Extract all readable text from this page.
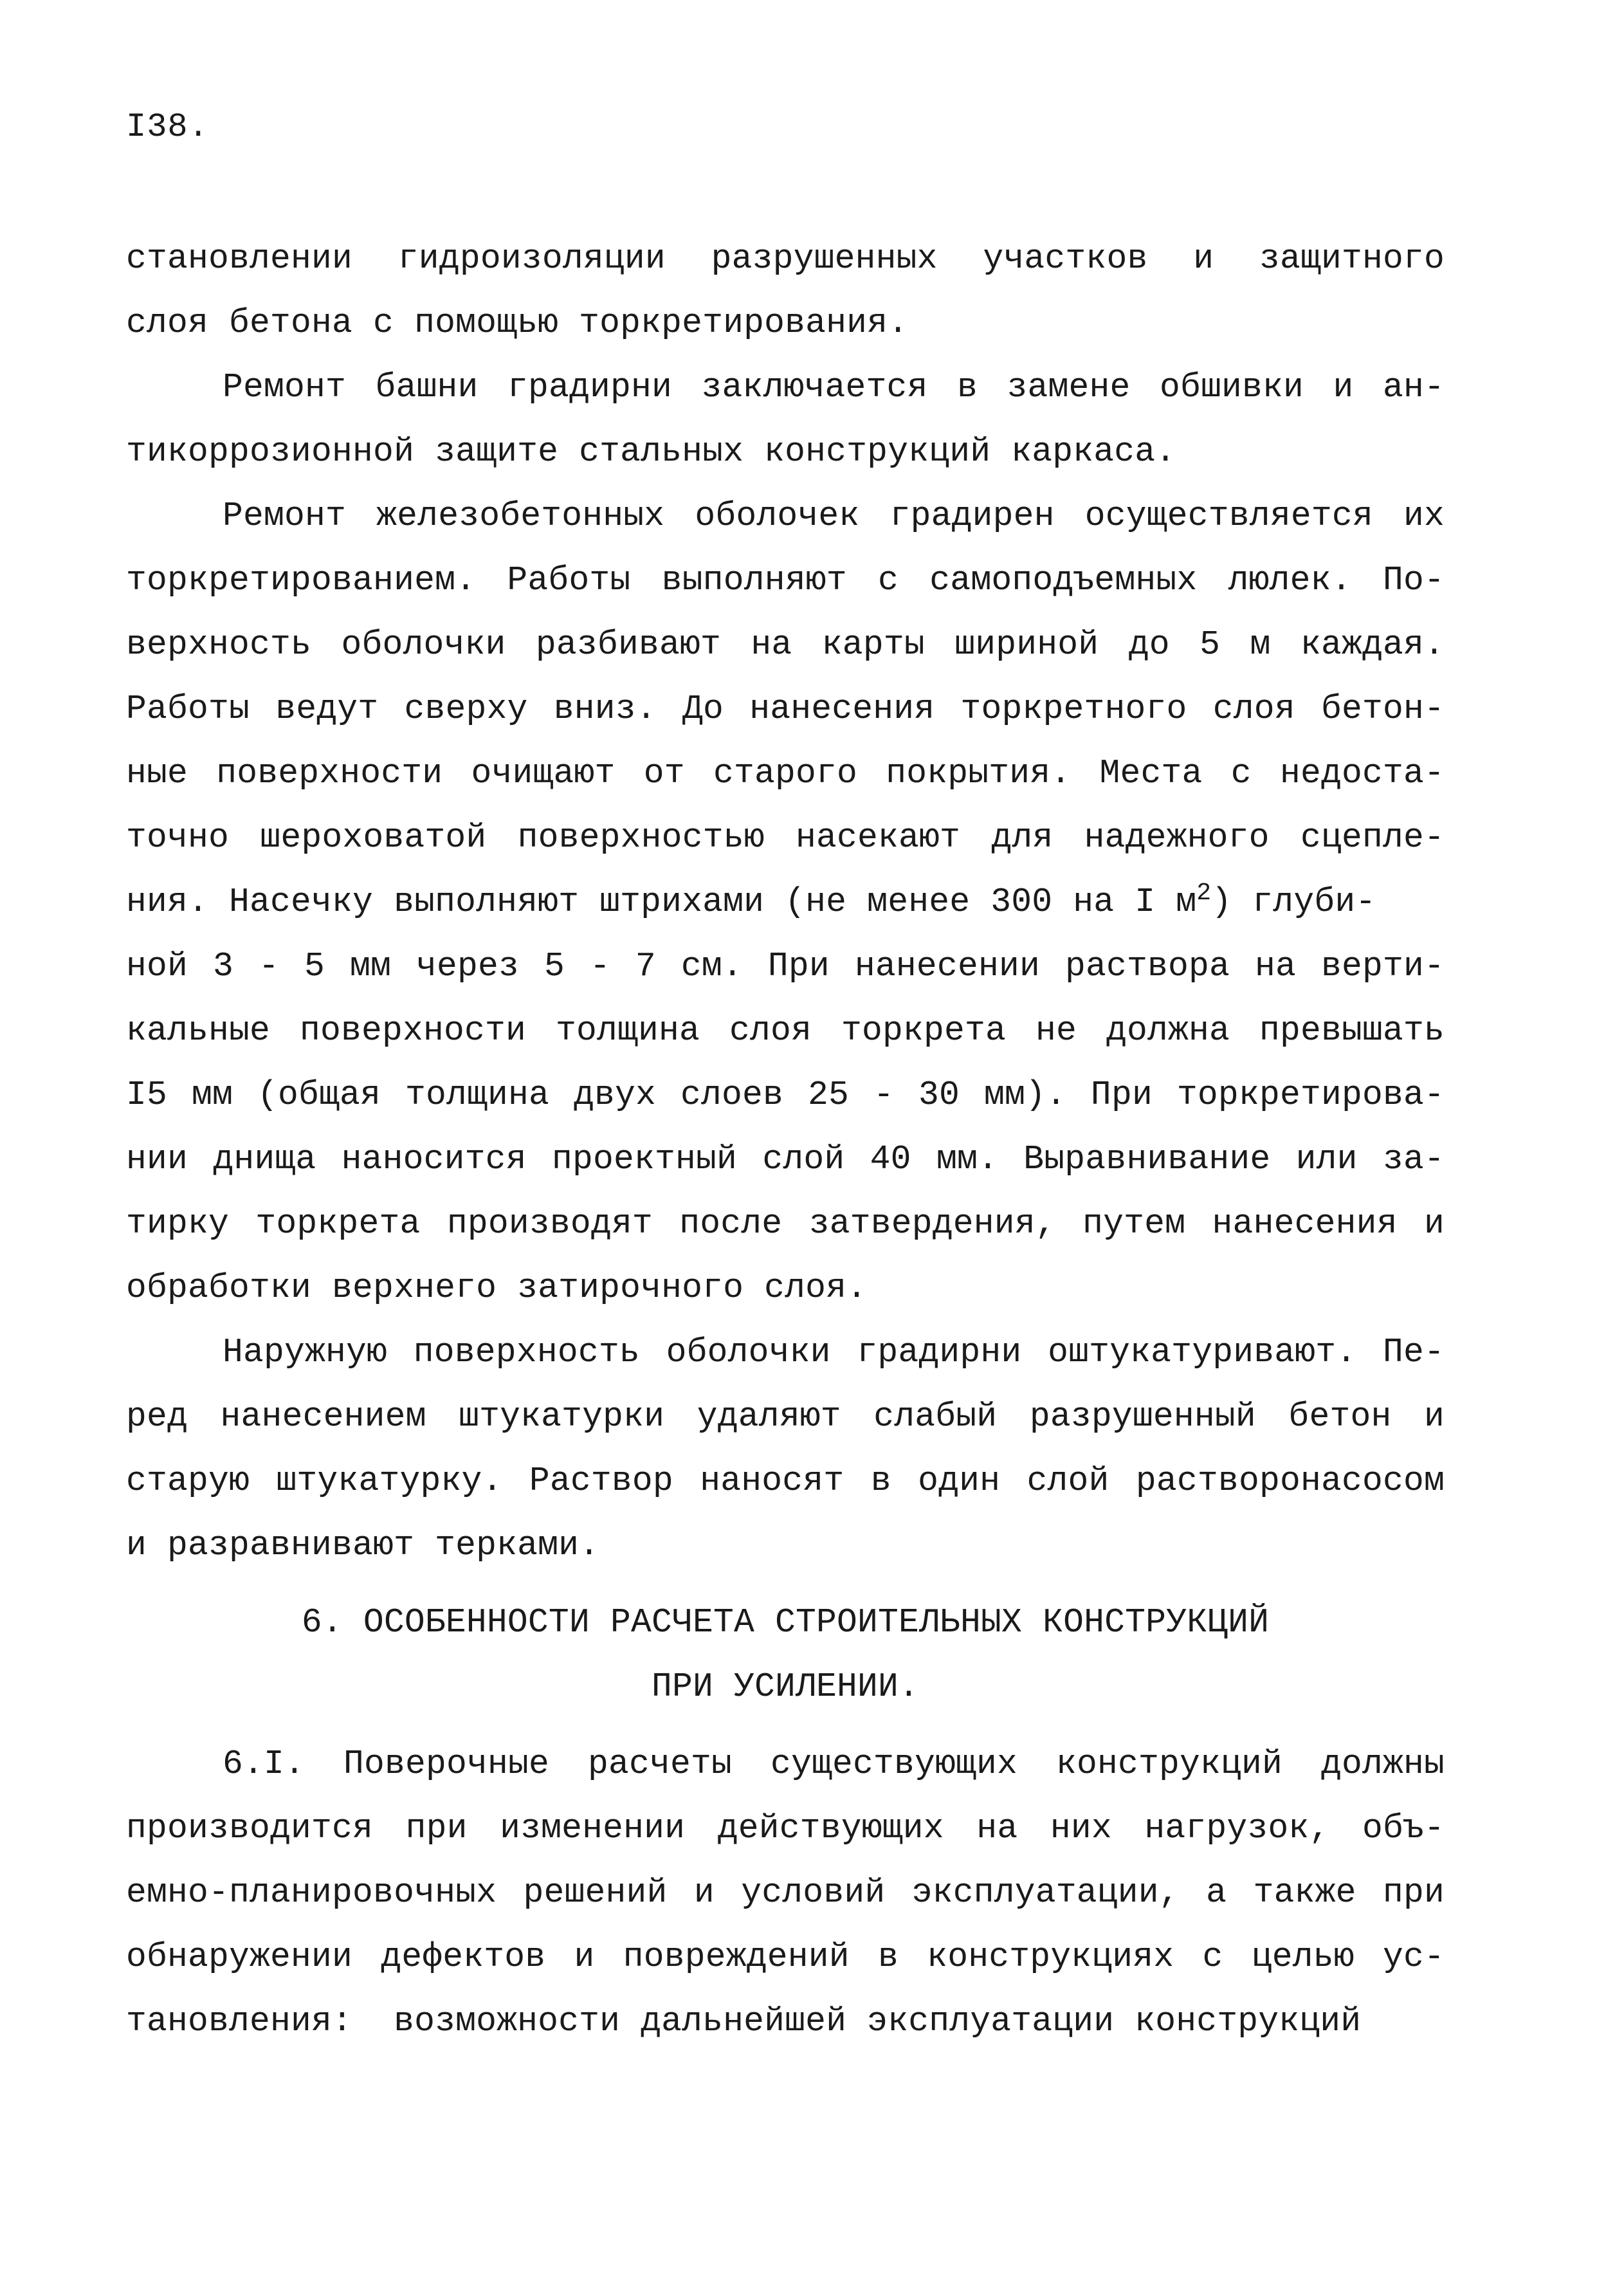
I38.
становлении гидроизоляции разрушенных участков и защитного
слоя бетона с помощью торкретирования.
Ремонт башни градирни заключается в замене обшивки и ан-
тикоррозионной защите стальных конструкций каркаса.
Ремонт железобетонных оболочек градирен осуществляется их
торкретированием. Работы выполняют с самоподъемных люлек. По-
верхность оболочки разбивают на карты шириной до 5 м каждая.
Работы ведут сверху вниз. До нанесения торкретного слоя бетон-
ные поверхности очищают от старого покрытия. Места с недоста-
точно шероховатой поверхностью насекают для надежного сцепле-
ния. Насечку выполняют штрихами (не менее 300 на I $м^2$) глуби-
ной 3 - 5 мм через 5 - 7 см. При нанесении раствора на верти-
кальные поверхности толщина слоя торкрета не должна превышать
I5 мм (общая толщина двух слоев 25 - 30 мм). При торкретирова-
нии днища наносится проектный слой 40 мм. Выравнивание или за-
тирку торкрета производят после затвердения, путем нанесения и
обработки верхнего затирочного слоя.
Наружную поверхность оболочки градирни оштукатуривают. Пе-
ред нанесением штукатурки удаляют слабый разрушенный бетон и
старую штукатурку. Раствор наносят в один слой растворонасосом
и разравнивают терками.
6. ОСОБЕННОСТИ РАСЧЕТА СТРОИТЕЛЬНЫХ КОНСТРУКЦИЙ
ПРИ УСИЛЕНИИ.
6.I. Поверочные расчеты существующих конструкций должны
производится при изменении действующих на них нагрузок, объ-
емно-планировочных решений и условий эксплуатации, а также при
обнаружении дефектов и повреждений в конструкциях с целью ус-
тановления:  возможности дальнейшей эксплуатации конструкций
